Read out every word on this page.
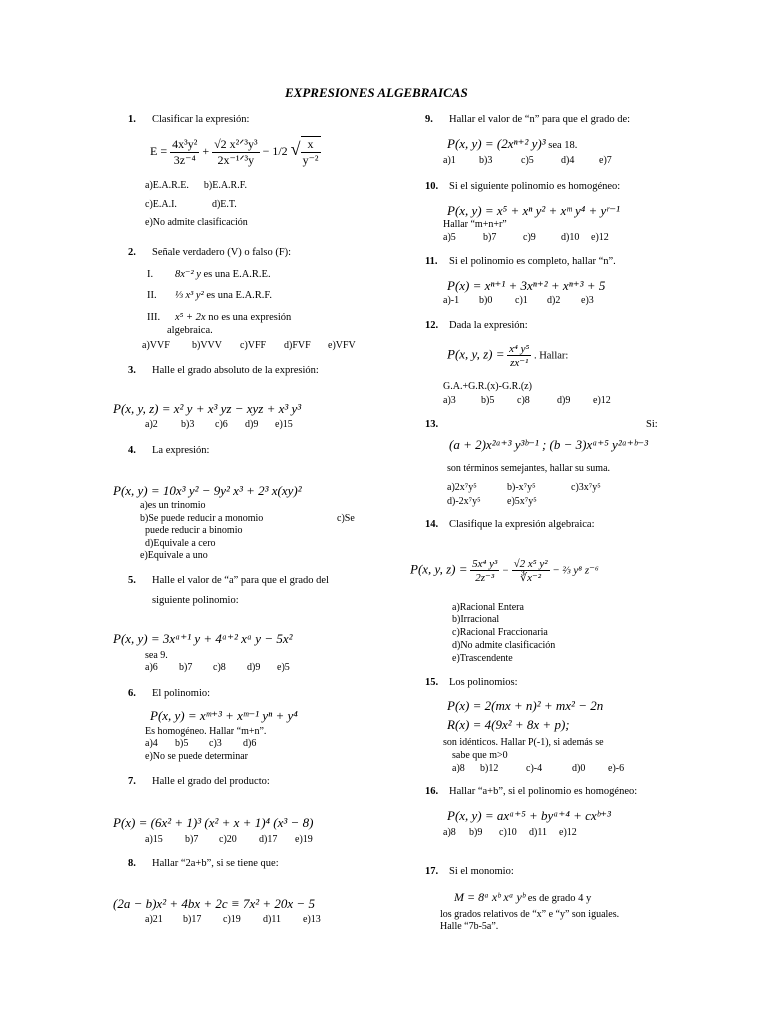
EXPRESIONES ALGEBRAICAS
1. Clasificar la expresión:
$E = \frac{\text{4x³y²}}{\text{3z⁻⁴}} + \frac{\text{√2 x²ᐟ³y³}}{\text{2x⁻¹ᐟ³y}} - 1/2$ √ $\frac{x}{\text{y⁻²}}$
a)E.A.R.E. b)E.A.R.F.
c)E.A.I.	d)E.T.
e)No admite clasificación
2. Señale verdadero (V) o falso (F):
I. 8x⁻² y es una E.A.R.E.
II. ⅓ x³ y² es una E.A.R.F.
III. x⁵ + 2x no es una expresión
algebraica.
a)VVF b)VVV c)VFF d)FVF e)VFV
3. Halle el grado absoluto de la expresión:
P(x, y, z) = x² y + x³ yz − xyz + x³ y³
a)2 b)3 c)6 d)9 e)15
4. La expresión:
P(x, y) = 10x³ y² − 9y² x³ + 2³ x(xy)²
a)es un trinomio
b)Se puede reducir a monomio	c)Se
puede reducir a binomio
d)Equivale a cero
e)Equivale a uno
5. Halle el valor de “a” para que el grado del
siguiente polinomio:
P(x, y) = 3xᵃ⁺¹ y + 4ᵃ⁺² xᵃ y − 5x²
sea 9.
a)6 b)7 c)8 d)9 e)5
6. El polinomio:
P(x, y) = xᵐ⁺³ + xᵐ⁻¹ yⁿ + y⁴
Es homogéneo. Hallar “m+n”.
a)4 b)5 c)3 d)6
e)No se puede determinar
7. Halle el grado del producto:
P(x) = (6x² + 1)³ (x² + x + 1)⁴ (x³ − 8)
a)15 b)7 c)20 d)17 e)19
8. Hallar “2a+b”, si se tiene que:
(2a − b)x² + 4bx + 2c ≡ 7x² + 20x − 5
a)21 b)17 c)19 d)11 e)13
9. Hallar el valor de “n” para que el grado de:
P(x, y) = (2xⁿ⁺² y)³ sea 18.
a)1 b)3	c)5	d)4 e)7
10. Si el siguiente polinomio es homogéneo:
P(x, y) = x⁵ + xⁿ y² + xᵐ y⁴ + yʳ⁻¹
Hallar “m+n+r”
a)5	b)7	c)9	d)10 e)12
11. Si el polinomio es completo, hallar “n”.
P(x) = xⁿ⁺¹ + 3xⁿ⁺² + xⁿ⁺³ + 5
a)-1 b)0 c)1 d)2 e)3
12. Dada la expresión:
P(x, y, $z) = \frac{\text{x⁴ y⁵}}{\text{zx⁻¹}}$ . Hallar:
G.A.+G.R.(x)-G.R.(z)
a)3	b)5 c)8	d)9 e)12
13.	Si:
(a + 2)x²ᵃ⁺³ y³ᵇ⁻¹ ; (b − 3)xᵃ⁺⁵ y²ᵃ⁺ᵇ⁻³
son términos semejantes, hallar su suma.
a)2x⁷y⁵	b)-x⁷y⁵	c)3x⁷y⁵
d)-2x⁷y⁵	e)5x⁷y⁵
14. Clasifique la expresión algebraica:
P(x, y, $z) = \frac{\text{5x⁴ y³}}{\text{2z⁻³}} - \frac{\text{√2 x⁵ y²}}{\text{∛x⁻²}}$ − ⅔ y⁸ z⁻⁶
a)Racional Entera
b)Irracional
c)Racional Fraccionaria
d)No admite clasificación
e)Trascendente
15. Los polinomios:
P(x) = 2(mx + n)² + mx² − 2n
R(x) = 4(9x² + 8x + p);
son idénticos. Hallar P(-1), si además se
sabe que m>0
a)8 b)12	c)-4	d)0 e)-6
16. Hallar “a+b”, si el polinomio es homogéneo:
P(x, y) = axᵃ⁺⁵ + byᵃ⁺⁴ + cxᵇ⁺³
a)8 b)9 c)10 d)11 e)12
17. Si el monomio:
M = 8ᵃ xᵇ xᵃ yᵇ es de grado 4 y
los grados relativos de “x” e “y” son iguales.
Halle “7b-5a”.
